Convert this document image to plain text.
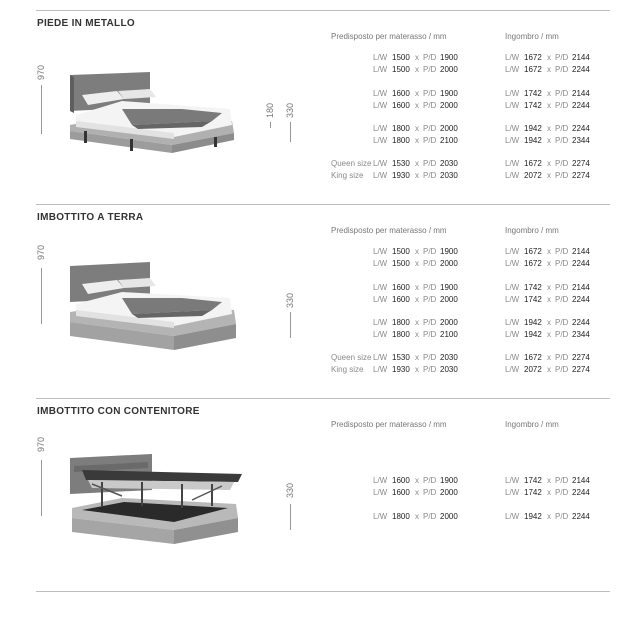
PIEDE IN METALLO
970
180 330
Predisposto per materasso / mm	Ingombro / mm
L/W 1500 x P/D 1900	L/W 1672 x P/D 2144
L/W 1500 x P/D 2000	L/W 1672 x P/D 2244
L/W 1600 x P/D 1900	L/W 1742 x P/D 2144
L/W 1600 x P/D 2000	L/W 1742 x P/D 2244
L/W 1800 x P/D 2000	L/W 1942 x P/D 2244
L/W 1800 x P/D 2100	L/W 1942 x P/D 2344
Queen size L/W 1530 x P/D 2030	L/W 1672 x P/D 2274
King size L/W 1930 x P/D 2030	L/W 2072 x P/D 2274
IMBOTTITO A TERRA
970
330
Predisposto per materasso / mm	Ingombro / mm
L/W 1500 x P/D 1900	L/W 1672 x P/D 2144
L/W 1500 x P/D 2000	L/W 1672 x P/D 2244
L/W 1600 x P/D 1900	L/W 1742 x P/D 2144
L/W 1600 x P/D 2000	L/W 1742 x P/D 2244
L/W 1800 x P/D 2000	L/W 1942 x P/D 2244
L/W 1800 x P/D 2100	L/W 1942 x P/D 2344
Queen size L/W 1530 x P/D 2030	L/W 1672 x P/D 2274
King size L/W 1930 x P/D 2030	L/W 2072 x P/D 2274
IMBOTTITO CON CONTENITORE
970
330
Predisposto per materasso / mm	Ingombro / mm
L/W 1600 x P/D 1900	L/W 1742 x P/D 2144
L/W 1600 x P/D 2000	L/W 1742 x P/D 2244
L/W 1800 x P/D 2000	L/W 1942 x P/D 2244
